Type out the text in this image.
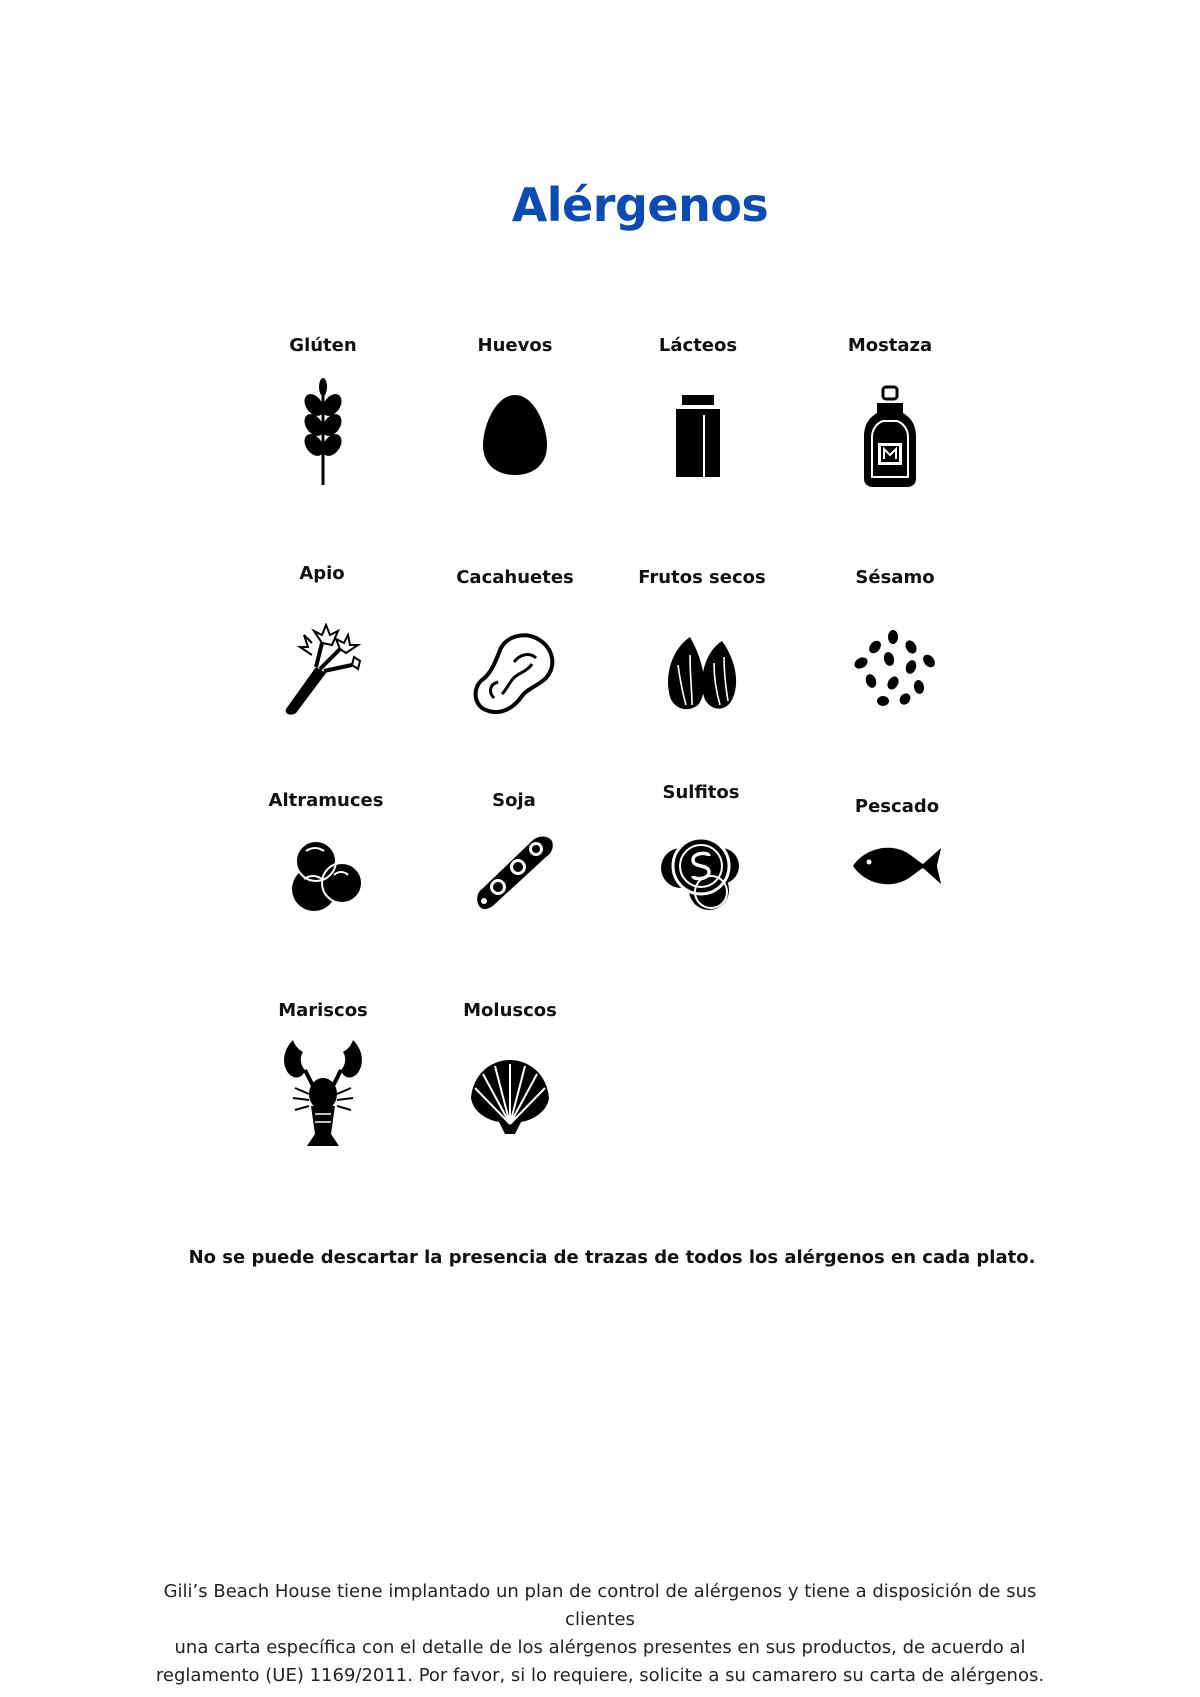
Alérgenos
Glúten	Huevos	Lácteos	Mostaza
Apio	Cacahuetes	Frutos secos	Sésamo
Altramuces	Soja	Sulfitos
Pescado
Mariscos	Moluscos
No se puede descartar la presencia de trazas de todos los alérgenos en cada plato.
Gili’s Beach House tiene implantado un plan de control de alérgenos y tiene a disposición de sus clientes
una carta específica con el detalle de los alérgenos presentes en sus productos, de acuerdo al
reglamento (UE) 1169/2011. Por favor, si lo requiere, solicite a su camarero su carta de alérgenos.
